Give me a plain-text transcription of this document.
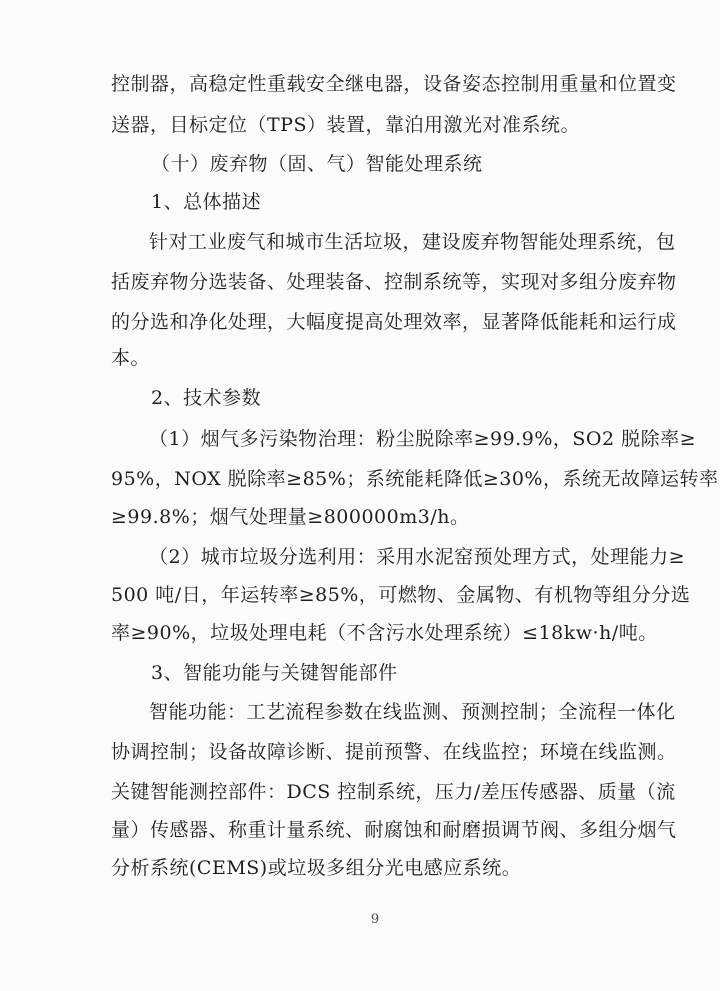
控制器，高稳定性重载安全继电器，设备姿态控制用重量和位置变
送器，目标定位（TPS）装置，靠泊用激光对准系统。
（十）废弃物（固、气）智能处理系统
1、总体描述
针对工业废气和城市生活垃圾，建设废弃物智能处理系统，包
括废弃物分选装备、处理装备、控制系统等，实现对多组分废弃物
的分选和净化处理，大幅度提高处理效率，显著降低能耗和运行成
本。
2、技术参数
（1）烟气多污染物治理：粉尘脱除率≥99.9%，SO2 脱除率≥
95%，NOX 脱除率≥85%；系统能耗降低≥30%，系统无故障运转率
≥99.8%；烟气处理量≥800000m3/h。
（2）城市垃圾分选利用：采用水泥窑预处理方式，处理能力≥
500 吨/日，年运转率≥85%，可燃物、金属物、有机物等组分分选
率≥90%，垃圾处理电耗（不含污水处理系统）≤18kw·h/吨。
3、智能功能与关键智能部件
智能功能：工艺流程参数在线监测、预测控制；全流程一体化
协调控制；设备故障诊断、提前预警、在线监控；环境在线监测。
关键智能测控部件：DCS 控制系统，压力/差压传感器、质量（流
量）传感器、称重计量系统、耐腐蚀和耐磨损调节阀、多组分烟气
分析系统(CEMS)或垃圾多组分光电感应系统。
9
